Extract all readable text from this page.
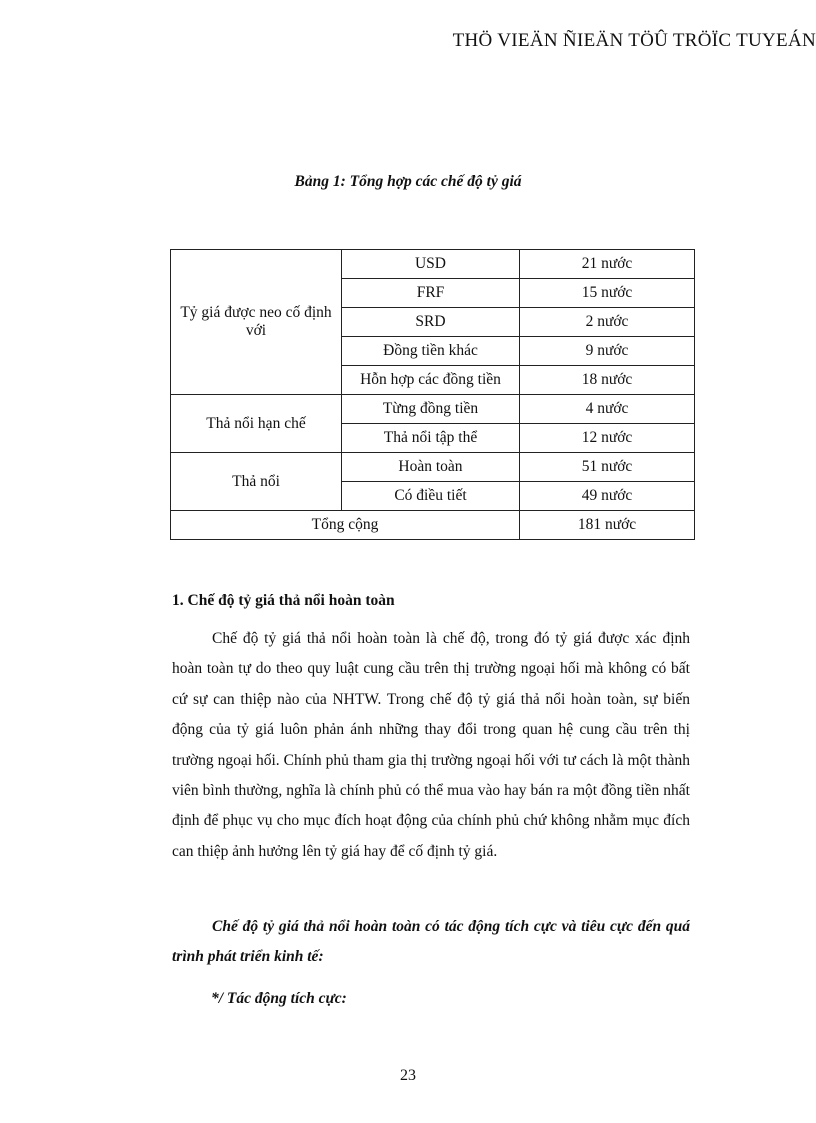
THÖ VIEÄN ÑIEÄN TÖÛ TRÖÏC TUYEÁN
Bảng 1: Tổng hợp các chế độ tỷ giá
Tỷ giá được neo cố định với	USD	21 nước
	FRF	15 nước
	SRD	2 nước
	Đồng tiền khác	9 nước
	Hỗn hợp các đồng tiền	18 nước
Thả nổi hạn chế	Từng đồng tiền	4 nước
	Thả nổi tập thể	12 nước
Thả nổi	Hoàn toàn	51 nước
	Có điều tiết	49 nước
Tổng cộng		181 nước
1. Chế độ tỷ giá thả nổi hoàn toàn

Chế độ tỷ giá thả nổi hoàn toàn là chế độ, trong đó tỷ giá được xác định hoàn toàn tự do theo quy luật cung cầu trên thị trường ngoại hối mà không có bất cứ sự can thiệp nào của NHTW. Trong chế độ tỷ giá thả nổi hoàn toàn, sự biến động của tỷ giá luôn phản ánh những thay đổi trong quan hệ cung cầu trên thị trường ngoại hối. Chính phủ tham gia thị trường ngoại hối với tư cách là một thành viên bình thường, nghĩa là chính phủ có thể mua vào hay bán ra một đồng tiền nhất định để phục vụ cho mục đích hoạt động của chính phủ chứ không nhằm mục đích can thiệp ảnh hưởng lên tỷ giá hay để cố định tỷ giá.

Chế độ tỷ giá thả nổi hoàn toàn có tác động tích cực và tiêu cực đến quá trình phát triển kinh tế:

*/ Tác động tích cực:
23
